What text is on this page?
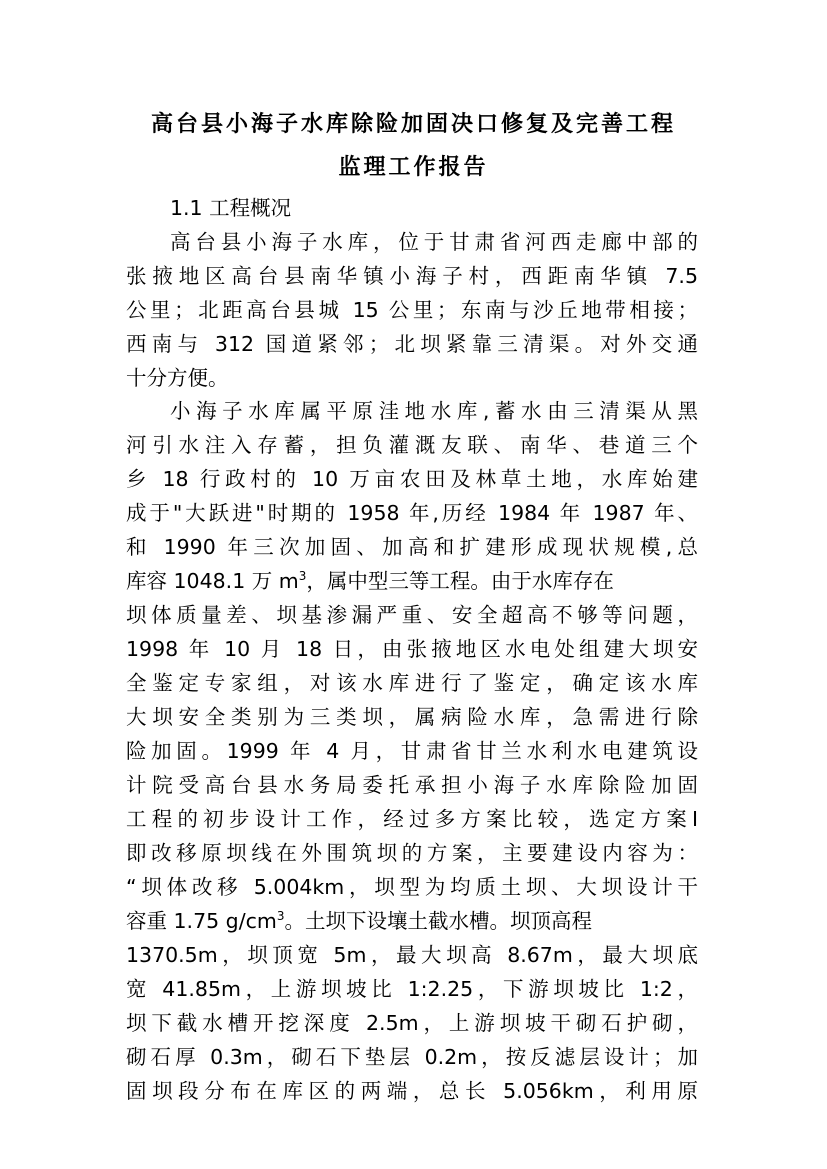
高台县小海子水库除险加固决口修复及完善工程
监理工作报告
1.1 工程概况
高台县小海子水库，位于甘肃省河西走廊中部的
张掖地区高台县南华镇小海子村，西距南华镇 7.5
公里；北距高台县城 15 公里；东南与沙丘地带相接；
西南与 312 国道紧邻；北坝紧靠三清渠。对外交通
十分方便。
小海子水库属平原洼地水库,蓄水由三清渠从黑
河引水注入存蓄，担负灌溉友联、南华、巷道三个
乡 18 行政村的 10 万亩农田及林草土地，水库始建
成于"大跃进"时期的 1958 年,历经 1984 年 1987 年、
和 1990 年三次加固、加高和扩建形成现状规模,总
库容 1048.1 万 $m^3$，属中型三等工程。由于水库存在
坝体质量差、坝基渗漏严重、安全超高不够等问题，
1998 年 10 月 18 日，由张掖地区水电处组建大坝安
全鉴定专家组，对该水库进行了鉴定，确定该水库
大坝安全类别为三类坝，属病险水库，急需进行除
险加固。1999 年 4 月，甘肃省甘兰水利水电建筑设
计院受高台县水务局委托承担小海子水库除险加固
工程的初步设计工作，经过多方案比较，选定方案Ⅰ
即改移原坝线在外围筑坝的方案，主要建设内容为：
“坝体改移 5.004km，坝型为均质土坝、大坝设计干
容重 1.75 $g/cm^3$。土坝下设壤土截水槽。坝顶高程
1370.5m，坝顶宽 5m，最大坝高 8.67m，最大坝底
宽 41.85m，上游坝坡比 1:2.25，下游坝坡比 1:2，
坝下截水槽开挖深度 2.5m，上游坝坡干砌石护砌，
砌石厚 0.3m，砌石下垫层 0.2m，按反滤层设计；加
固坝段分布在库区的两端，总长 5.056km，利用原
